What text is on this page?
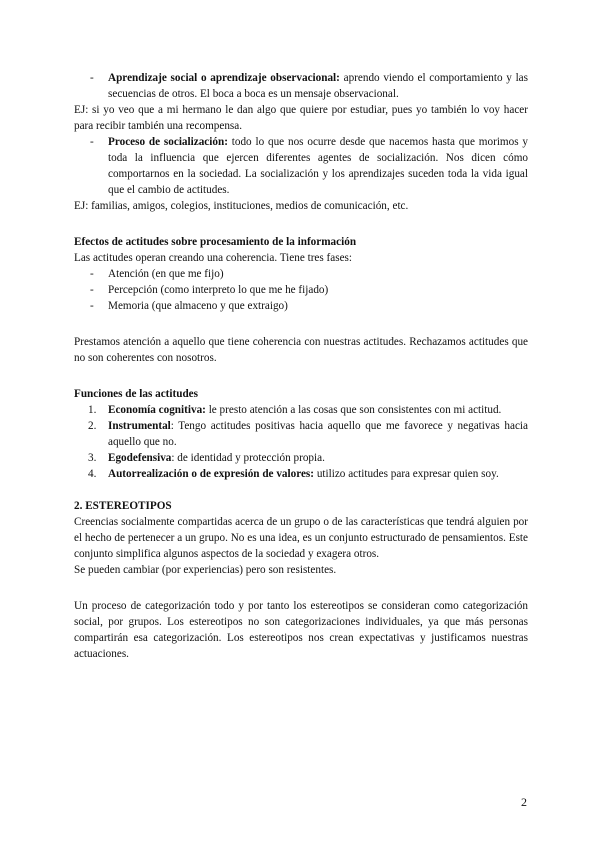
- Aprendizaje social o aprendizaje observacional: aprendo viendo el comportamiento y las secuencias de otros. El boca a boca es un mensaje observacional.

EJ: si yo veo que a mi hermano le dan algo que quiere por estudiar, pues yo también lo voy hacer para recibir también una recompensa.

- Proceso de socialización: todo lo que nos ocurre desde que nacemos hasta que morimos y toda la influencia que ejercen diferentes agentes de socialización. Nos dicen cómo comportarnos en la sociedad. La socialización y los aprendizajes suceden toda la vida igual que el cambio de actitudes.

EJ: familias, amigos, colegios, instituciones, medios de comunicación, etc.

Efectos de actitudes sobre procesamiento de la información

Las actitudes operan creando una coherencia. Tiene tres fases:

- Atención (en que me fijo)
- Percepción (como interpreto lo que me he fijado)
- Memoria (que almaceno y que extraigo)

Prestamos atención a aquello que tiene coherencia con nuestras actitudes. Rechazamos actitudes que no son coherentes con nosotros.

Funciones de las actitudes

1. Economía cognitiva: le presto atención a las cosas que son consistentes con mi actitud.
2. Instrumental: Tengo actitudes positivas hacia aquello que me favorece y negativas hacia aquello que no.
3. Egodefensiva: de identidad y protección propia.
4. Autorrealización o de expresión de valores: utilizo actitudes para expresar quien soy.

2. ESTEREOTIPOS

Creencias socialmente compartidas acerca de un grupo o de las características que tendrá alguien por el hecho de pertenecer a un grupo. No es una idea, es un conjunto estructurado de pensamientos. Este conjunto simplifica algunos aspectos de la sociedad y exagera otros.

Se pueden cambiar (por experiencias) pero son resistentes.

Un proceso de categorización todo y por tanto los estereotipos se consideran como categorización social, por grupos. Los estereotipos no son categorizaciones individuales, ya que más personas compartirán esa categorización. Los estereotipos nos crean expectativas y justificamos nuestras actuaciones.

2
